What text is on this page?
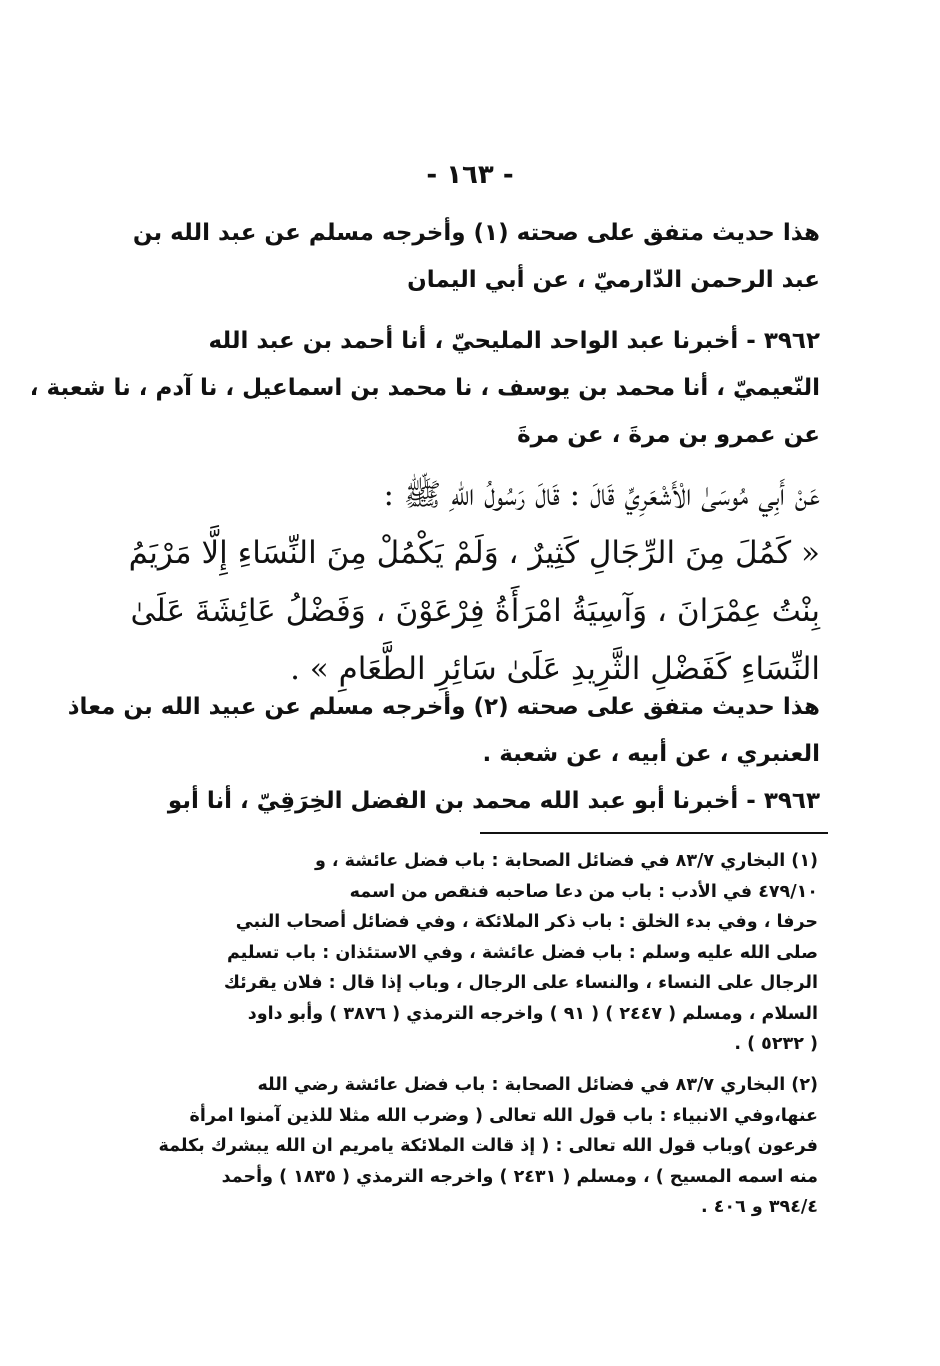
- ١٦٣ -
هذا حديث متفق على صحته (١) وأخرجه مسلم عن عبد الله بن
عبد الرحمن الدّارميّ ، عن أبي اليمان
٣٩٦٢ - أخبرنا عبد الواحد المليحيّ ، أنا أحمد بن عبد الله
النّعيميّ ، أنا محمد بن يوسف ، نا محمد بن اسماعيل ، نا آدم ، نا شعبة ،
عن عمرو بن مرةَ ، عن مرةَ
عَنْ أَبِي مُوسَىٰ الْأَشْعَرِيِّ قَالَ : قَالَ رَسُولُ اللهِ ﷺ :
« كَمُلَ مِنَ الرِّجَالِ كَثِيرٌ ، وَلَمْ يَكْمُلْ مِنَ النِّسَاءِ إِلَّا مَرْيَمُ
بِنْتُ عِمْرَانَ ، وَآسِيَةُ امْرَأَةُ فِرْعَوْنَ ، وَفَضْلُ عَائِشَةَ عَلَىٰ
النِّسَاءِ كَفَضْلِ الثَّرِيدِ عَلَىٰ سَائِرِ الطَّعَامِ » .
هذا حديث متفق على صحته (٢) وأخرجه مسلم عن عبيد الله بن معاذ
العنبري ، عن أبيه ، عن شعبة .
٣٩٦٣ - أخبرنا أبو عبد الله محمد بن الفضل الخِرَقِيّ ، أنا أبو
(١) البخاري ٨٣/٧ في فضائل الصحابة : باب فضل عائشة ، و
٤٧٩/١٠ في الأدب : باب من دعا صاحبه فنقص من اسمه
حرفا ، وفي بدء الخلق : باب ذكر الملائكة ، وفي فضائل أصحاب النبي
صلى الله عليه وسلم : باب فضل عائشة ، وفي الاستئذان : باب تسليم
الرجال على النساء ، والنساء على الرجال ، وباب إذا قال : فلان يقرئك
السلام ، ومسلم ( ٢٤٤٧ ) ( ٩١ ) واخرجه الترمذي ( ٣٨٧٦ ) وأبو داود
( ٥٢٣٢ ) .
(٢) البخاري ٨٣/٧ في فضائل الصحابة : باب فضل عائشة رضي الله
عنها،وفي الانبياء : باب قول الله تعالى ( وضرب الله مثلا للذين آمنوا امرأة
فرعون )وباب قول الله تعالى : ( إذ قالت الملائكة يامريم ان الله يبشرك بكلمة
منه اسمه المسيح ) ، ومسلم ( ٢٤٣١ ) واخرجه الترمذي ( ١٨٣٥ ) وأحمد
٣٩٤/٤ و ٤٠٦ .
